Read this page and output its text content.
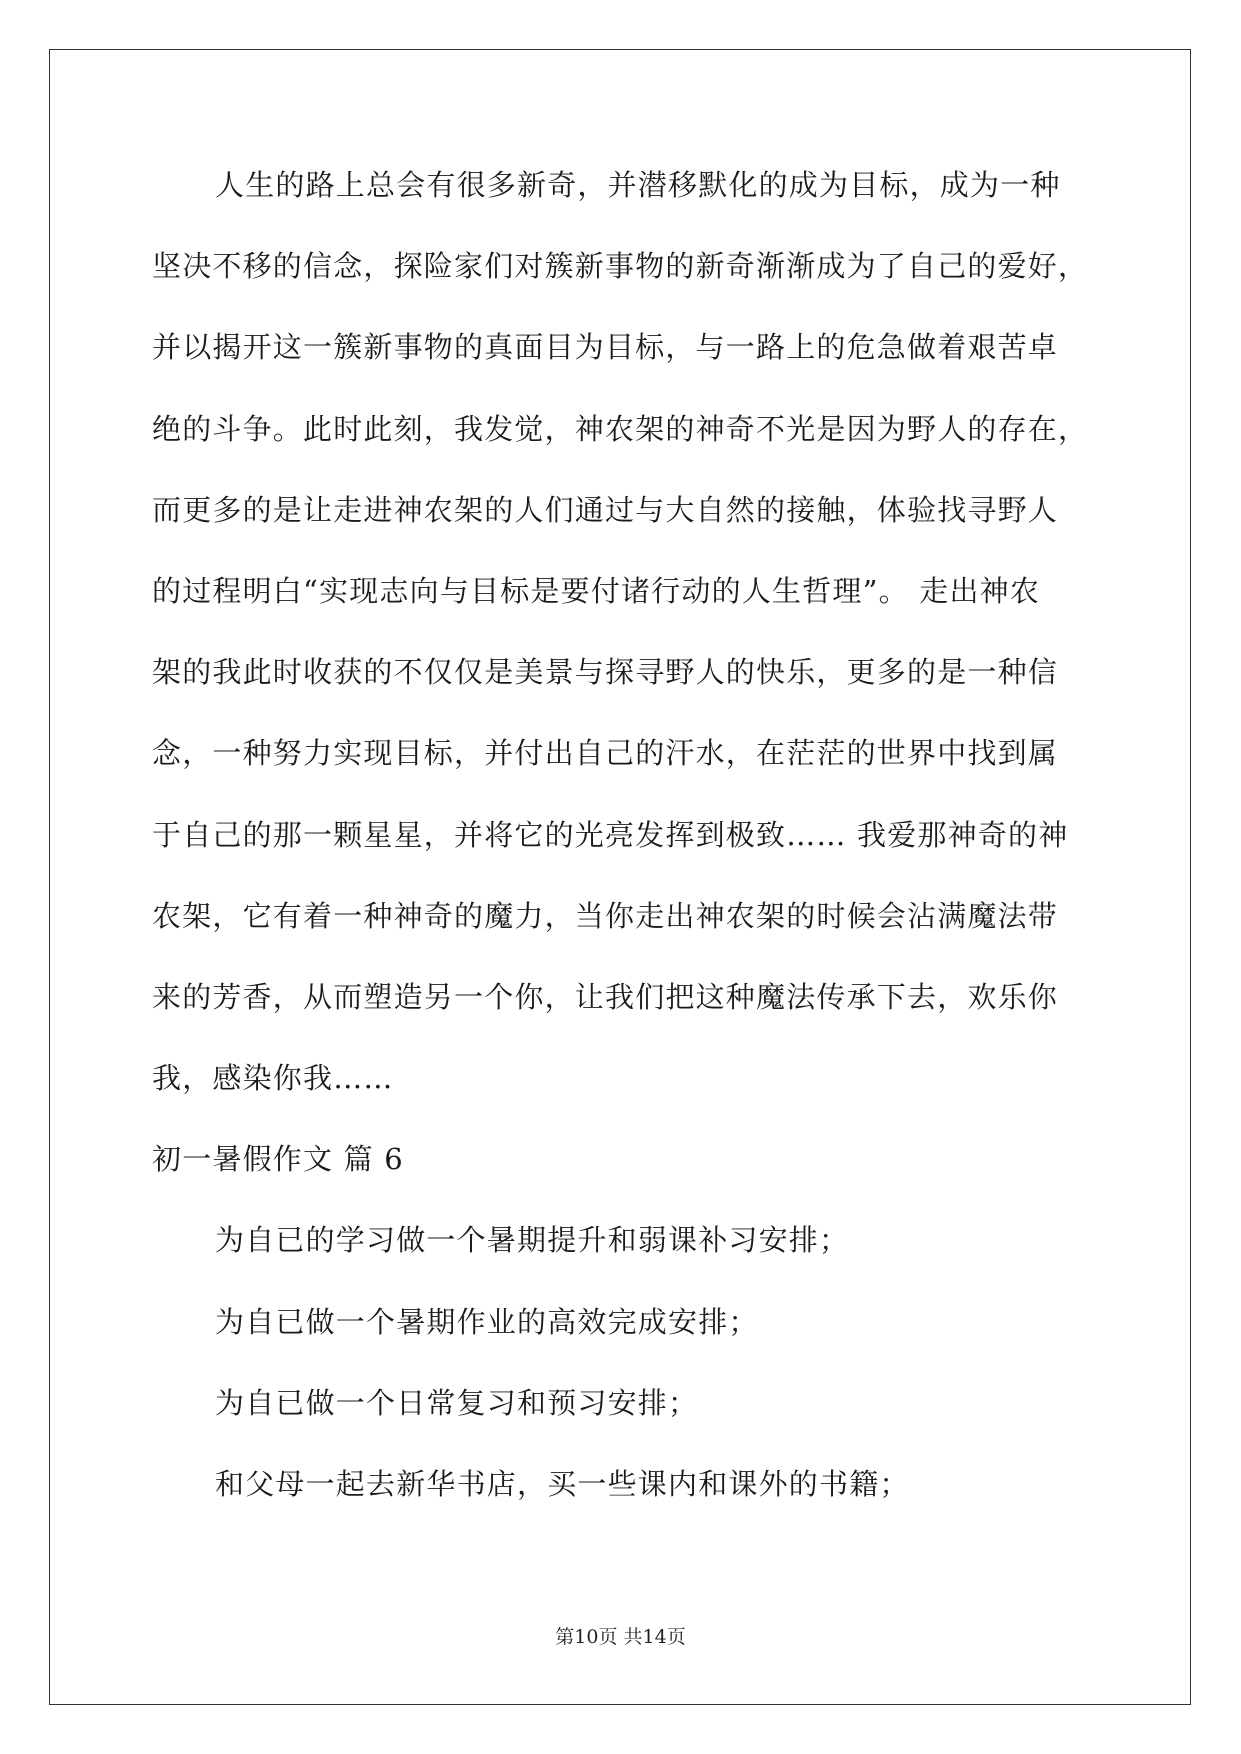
人生的路上总会有很多新奇，并潜移默化的成为目标，成为一种
坚决不移的信念，探险家们对簇新事物的新奇渐渐成为了自己的爱好，
并以揭开这一簇新事物的真面目为目标，与一路上的危急做着艰苦卓
绝的斗争。此时此刻，我发觉，神农架的神奇不光是因为野人的存在，
而更多的是让走进神农架的人们通过与大自然的接触，体验找寻野人
的过程明白“实现志向与目标是要付诸行动的人生哲理”。 走出神农
架的我此时收获的不仅仅是美景与探寻野人的快乐，更多的是一种信
念，一种努力实现目标，并付出自己的汗水，在茫茫的世界中找到属
于自己的那一颗星星，并将它的光亮发挥到极致…… 我爱那神奇的神
农架，它有着一种神奇的魔力，当你走出神农架的时候会沾满魔法带
来的芳香，从而塑造另一个你，让我们把这种魔法传承下去，欢乐你
我，感染你我……
初一暑假作文 篇 6
为自已的学习做一个暑期提升和弱课补习安排；
为自已做一个暑期作业的高效完成安排；
为自已做一个日常复习和预习安排；
和父母一起去新华书店，买一些课内和课外的书籍；
第10页 共14页
